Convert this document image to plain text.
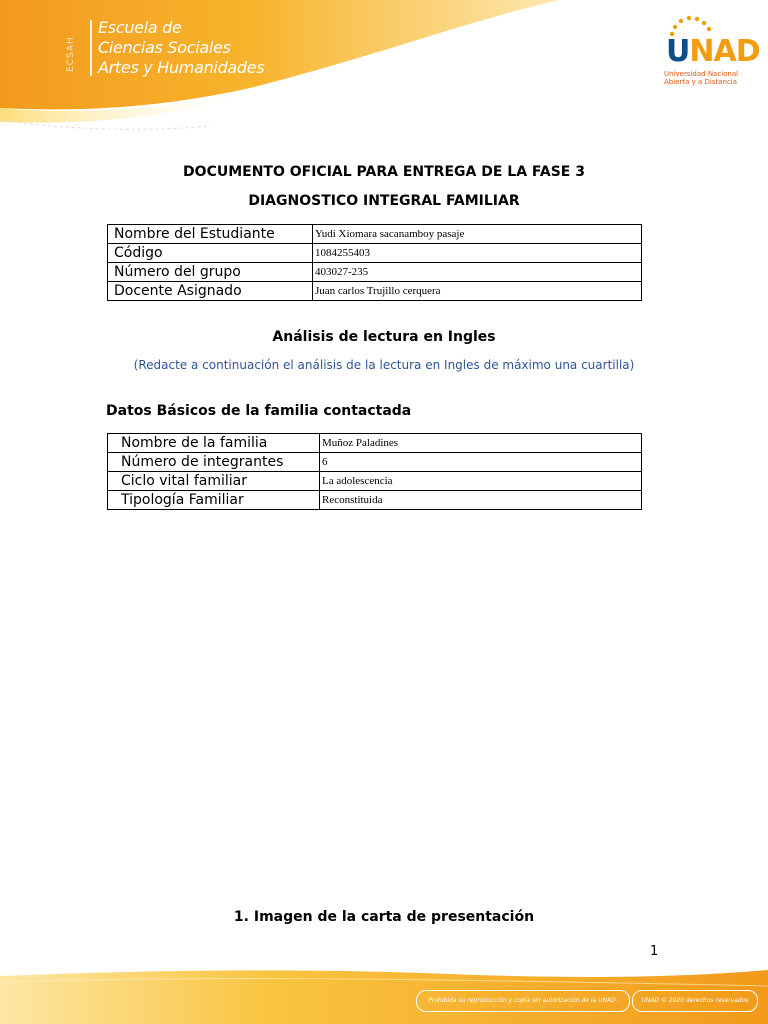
Escuela de
Ciencias Sociales
Artes y Humanidades
ECSAH	UNAD
Universidad Nacional
Abierta y a Distancia
DOCUMENTO OFICIAL PARA ENTREGA DE LA FASE 3
DIAGNOSTICO INTEGRAL FAMILIAR
Nombre del Estudiante	Yudi Xiomara sacanamboy pasaje
Código	1084255403
Número del grupo	403027-235
Docente Asignado	Juan carlos Trujillo cerquera
Análisis de lectura en Ingles
(Redacte a continuación el análisis de la lectura en Ingles de máximo una cuartilla)
Datos Básicos de la familia contactada
Nombre de la familia	Muñoz Paladines
Número de integrantes	6
Ciclo vital familiar	La adolescencia
Tipología Familiar	Reconstituida
1. Imagen de la carta de presentación
1
Prohibida su reproducción y copia sin autorización de la UNAD.	UNAD © 2020 derechos reservados
